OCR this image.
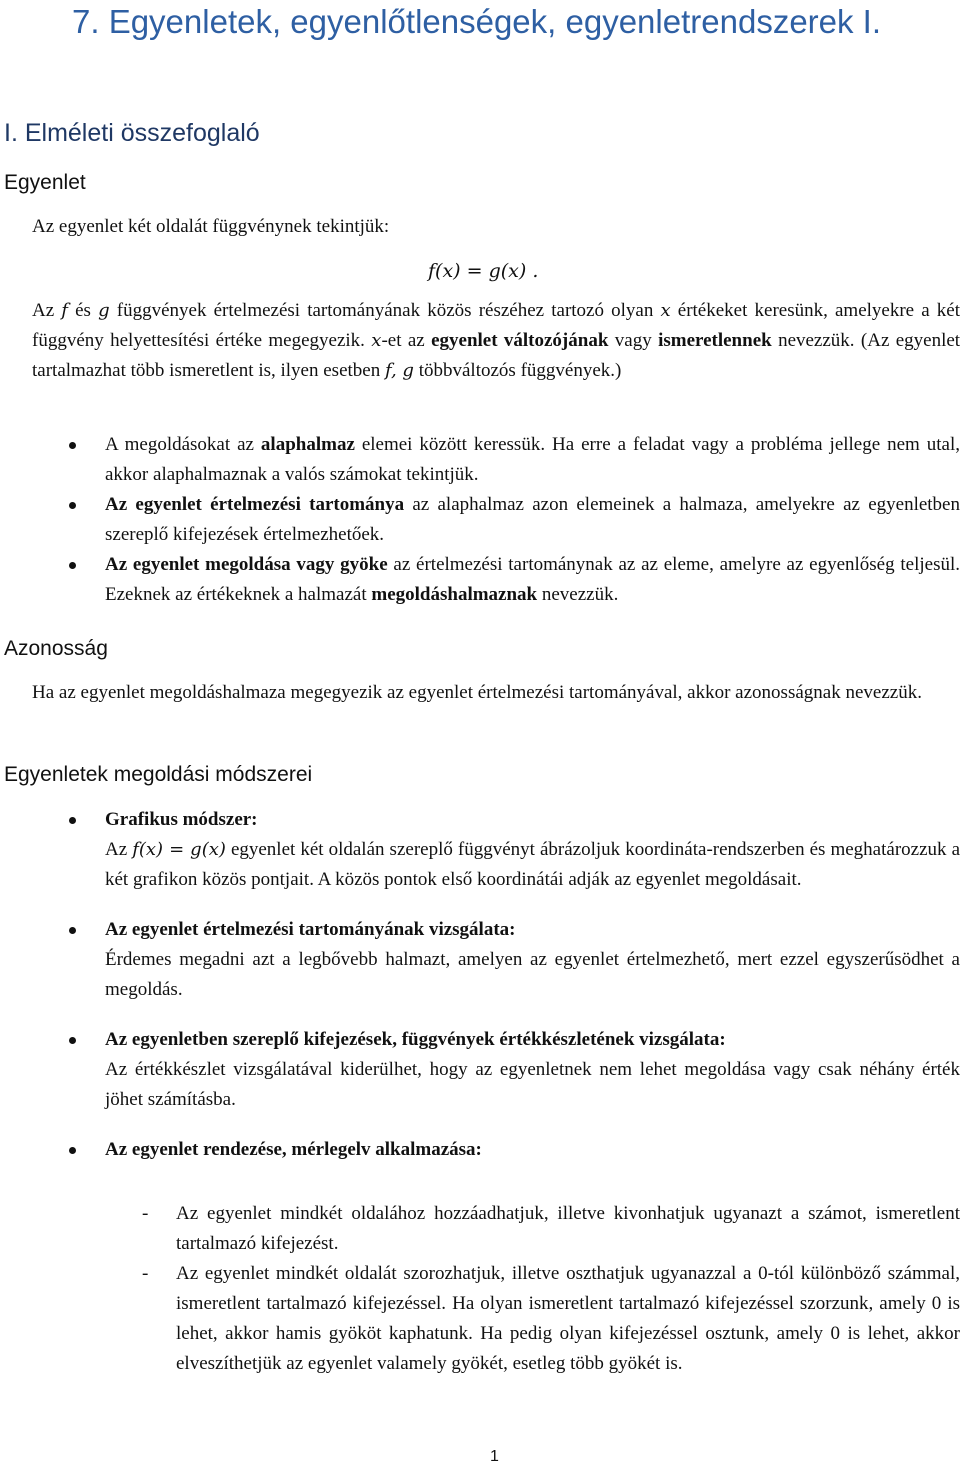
7. Egyenletek, egyenlőtlenségek, egyenletrendszerek I.
I. Elméleti összefoglaló
Egyenlet
Az egyenlet két oldalát függvénynek tekintjük:
f(x) = g(x) .
Az f és g függvények értelmezési tartományának közös részéhez tartozó olyan x értékeket keresünk, amelyekre a két függvény helyettesítési értéke megegyezik. x-et az egyenlet változójának vagy ismeretlennek nevezzük. (Az egyenlet tartalmazhat több ismeretlent is, ilyen esetben f, g többváltozós függvények.)
A megoldásokat az alaphalmaz elemei között keressük. Ha erre a feladat vagy a probléma jellege nem utal, akkor alaphalmaznak a valós számokat tekintjük.
Az egyenlet értelmezési tartománya az alaphalmaz azon elemeinek a halmaza, amelyekre az egyenletben szereplő kifejezések értelmezhetőek.
Az egyenlet megoldása vagy gyöke az értelmezési tartománynak az az eleme, amelyre az egyenlőség teljesül. Ezeknek az értékeknek a halmazát megoldáshalmaznak nevezzük.
Azonosság
Ha az egyenlet megoldáshalmaza megegyezik az egyenlet értelmezési tartományával, akkor azonosságnak nevezzük.
Egyenletek megoldási módszerei
Grafikus módszer:
Az f(x) = g(x) egyenlet két oldalán szereplő függvényt ábrázoljuk koordináta-rendszerben és meghatározzuk a két grafikon közös pontjait. A közös pontok első koordinátái adják az egyenlet megoldásait.
Az egyenlet értelmezési tartományának vizsgálata:
Érdemes megadni azt a legbővebb halmazt, amelyen az egyenlet értelmezhető, mert ezzel egyszerűsödhet a megoldás.
Az egyenletben szereplő kifejezések, függvények értékkészletének vizsgálata:
Az értékkészlet vizsgálatával kiderülhet, hogy az egyenletnek nem lehet megoldása vagy csak néhány érték jöhet számításba.
Az egyenlet rendezése, mérlegelv alkalmazása:
- Az egyenlet mindkét oldalához hozzáadhatjuk, illetve kivonhatjuk ugyanazt a számot, ismeretlent tartalmazó kifejezést.
- Az egyenlet mindkét oldalát szorozhatjuk, illetve oszthatjuk ugyanazzal a 0-tól különböző számmal, ismeretlent tartalmazó kifejezéssel. Ha olyan ismeretlent tartalmazó kifejezéssel szorzunk, amely 0 is lehet, akkor hamis gyököt kaphatunk. Ha pedig olyan kifejezéssel osztunk, amely 0 is lehet, akkor elveszíthetjük az egyenlet valamely gyökét, esetleg több gyökét is.
1
